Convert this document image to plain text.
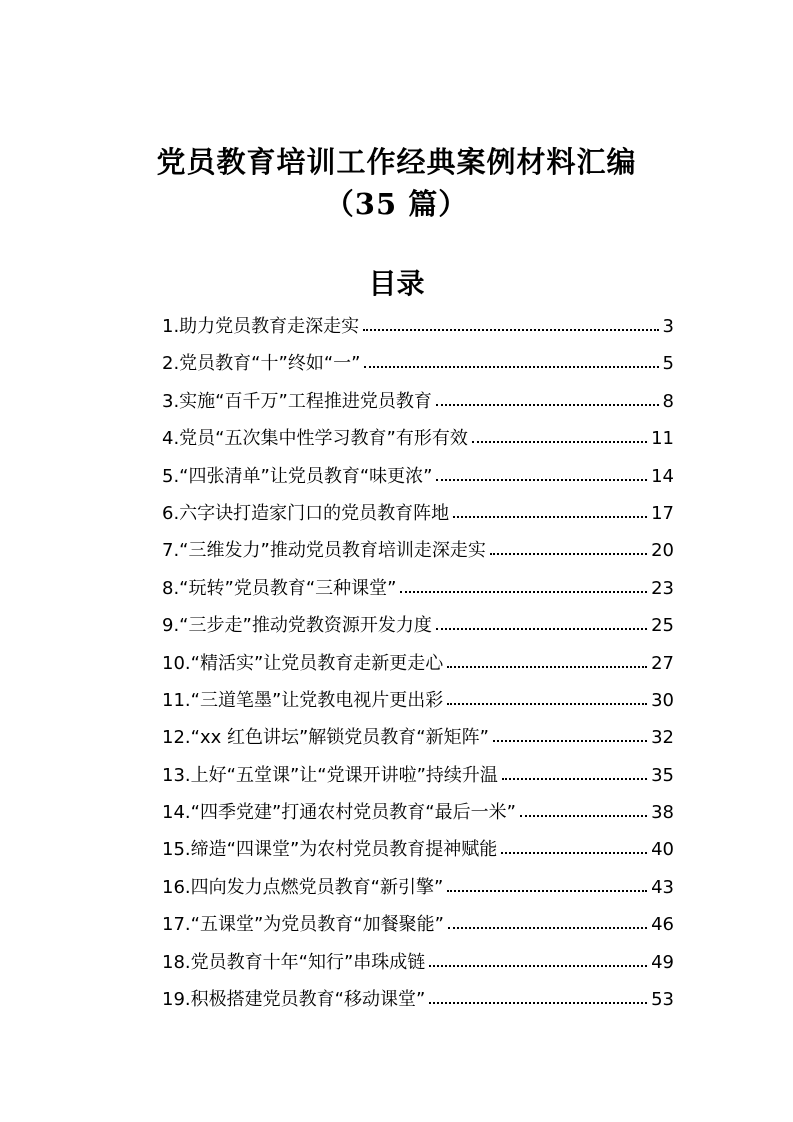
党员教育培训工作经典案例材料汇编
（35 篇）
目录
1.助力党员教育走深走实	3
2.党员教育“十”终如“一”	5
3.实施“百千万”工程推进党员教育	8
4.党员“五次集中性学习教育”有形有效	11
5.“四张清单”让党员教育“味更浓”	14
6.六字诀打造家门口的党员教育阵地	17
7.“三维发力”推动党员教育培训走深走实	20
8.“玩转”党员教育“三种课堂”	23
9.“三步走”推动党教资源开发力度	25
10.“精活实”让党员教育走新更走心	27
11.“三道笔墨”让党教电视片更出彩	30
12.“xx 红色讲坛”解锁党员教育“新矩阵”	32
13.上好“五堂课”让“党课开讲啦”持续升温	35
14.“四季党建”打通农村党员教育“最后一米”	38
15.缔造“四课堂”为农村党员教育提神赋能	40
16.四向发力点燃党员教育“新引擎”	43
17.“五课堂”为党员教育“加餐聚能”	46
18.党员教育十年“知行”串珠成链	49
19.积极搭建党员教育“移动课堂”	53
